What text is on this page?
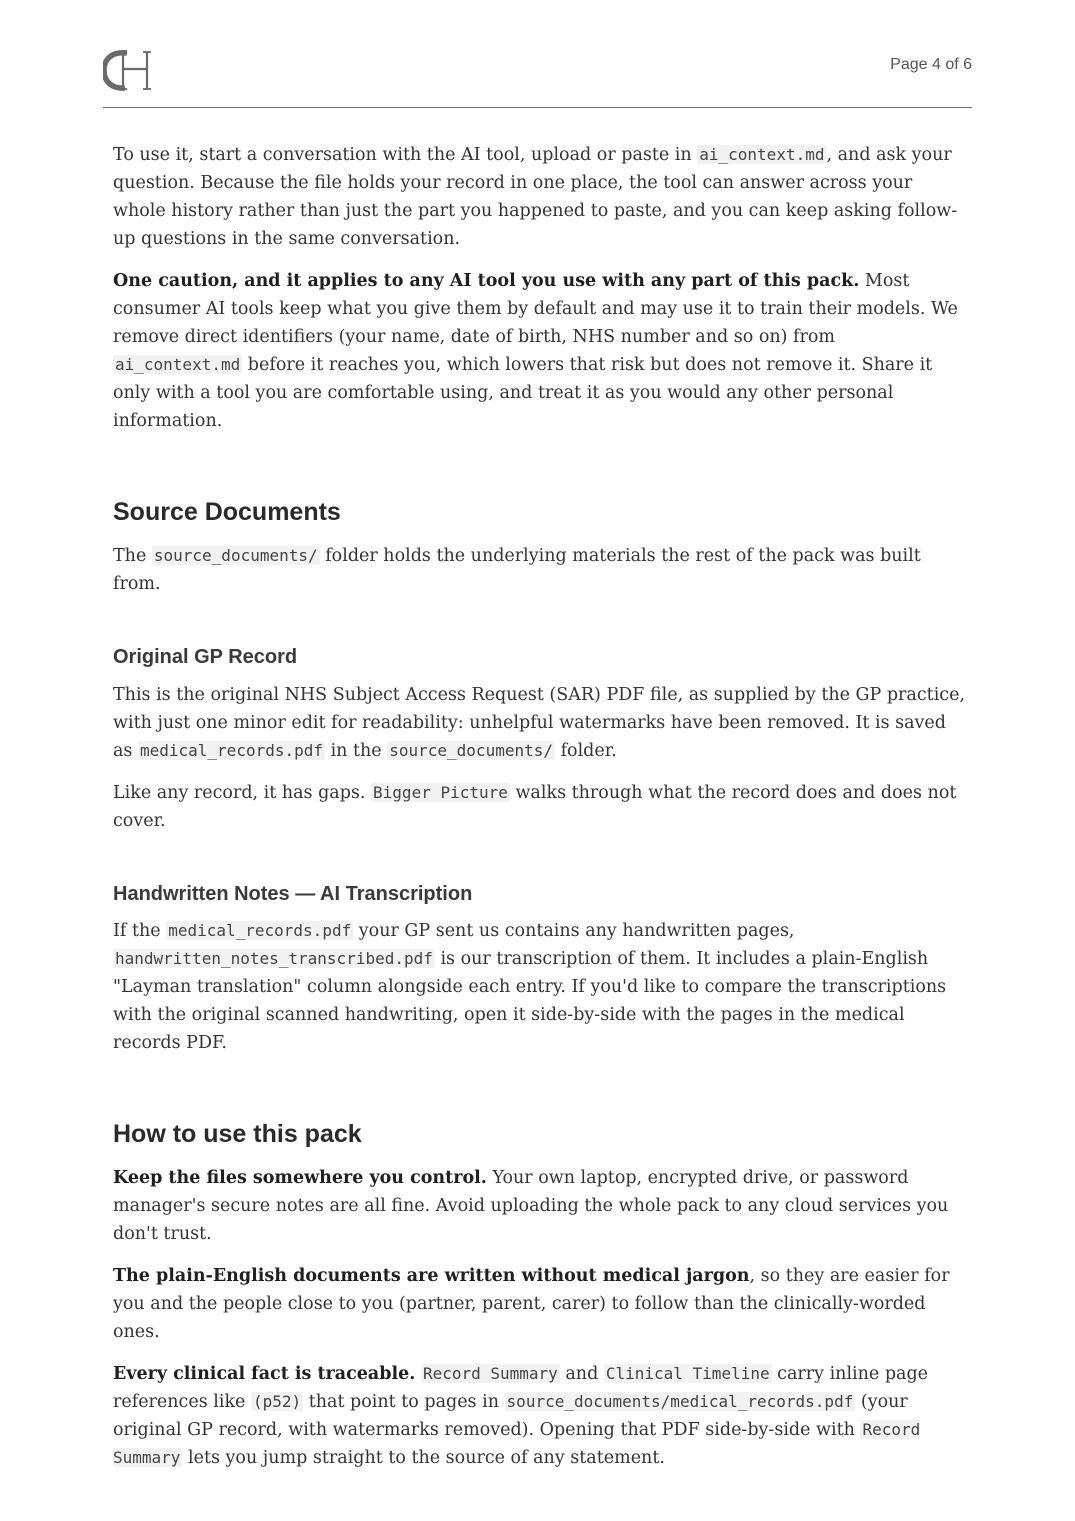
Page 4 of 6

To use it, start a conversation with the AI tool, upload or paste in ai_context.md , and ask your question. Because the file holds your record in one place, the tool can answer across your whole history rather than just the part you happened to paste, and you can keep asking follow-up questions in the same conversation.

One caution, and it applies to any AI tool you use with any part of this pack. Most consumer AI tools keep what you give them by default and may use it to train their models. We remove direct identifiers (your name, date of birth, NHS number and so on) from ai_context.md before it reaches you, which lowers that risk but does not remove it. Share it only with a tool you are comfortable using, and treat it as you would any other personal information.

Source Documents

The source_documents/ folder holds the underlying materials the rest of the pack was built from.

Original GP Record

This is the original NHS Subject Access Request (SAR) PDF file, as supplied by the GP practice, with just one minor edit for readability: unhelpful watermarks have been removed. It is saved as medical_records.pdf in the source_documents/ folder.

Like any record, it has gaps. Bigger Picture walks through what the record does and does not cover.

Handwritten Notes — AI Transcription

If the medical_records.pdf your GP sent us contains any handwritten pages, handwritten_notes_transcribed.pdf is our transcription of them. It includes a plain-English "Layman translation" column alongside each entry. If you'd like to compare the transcriptions with the original scanned handwriting, open it side-by-side with the pages in the medical records PDF.

How to use this pack

Keep the files somewhere you control. Your own laptop, encrypted drive, or password manager's secure notes are all fine. Avoid uploading the whole pack to any cloud services you don't trust.

The plain-English documents are written without medical jargon, so they are easier for you and the people close to you (partner, parent, carer) to follow than the clinically-worded ones.

Every clinical fact is traceable. Record Summary and Clinical Timeline carry inline page references like (p52) that point to pages in source_documents/medical_records.pdf (your original GP record, with watermarks removed). Opening that PDF side-by-side with Record Summary lets you jump straight to the source of any statement.
